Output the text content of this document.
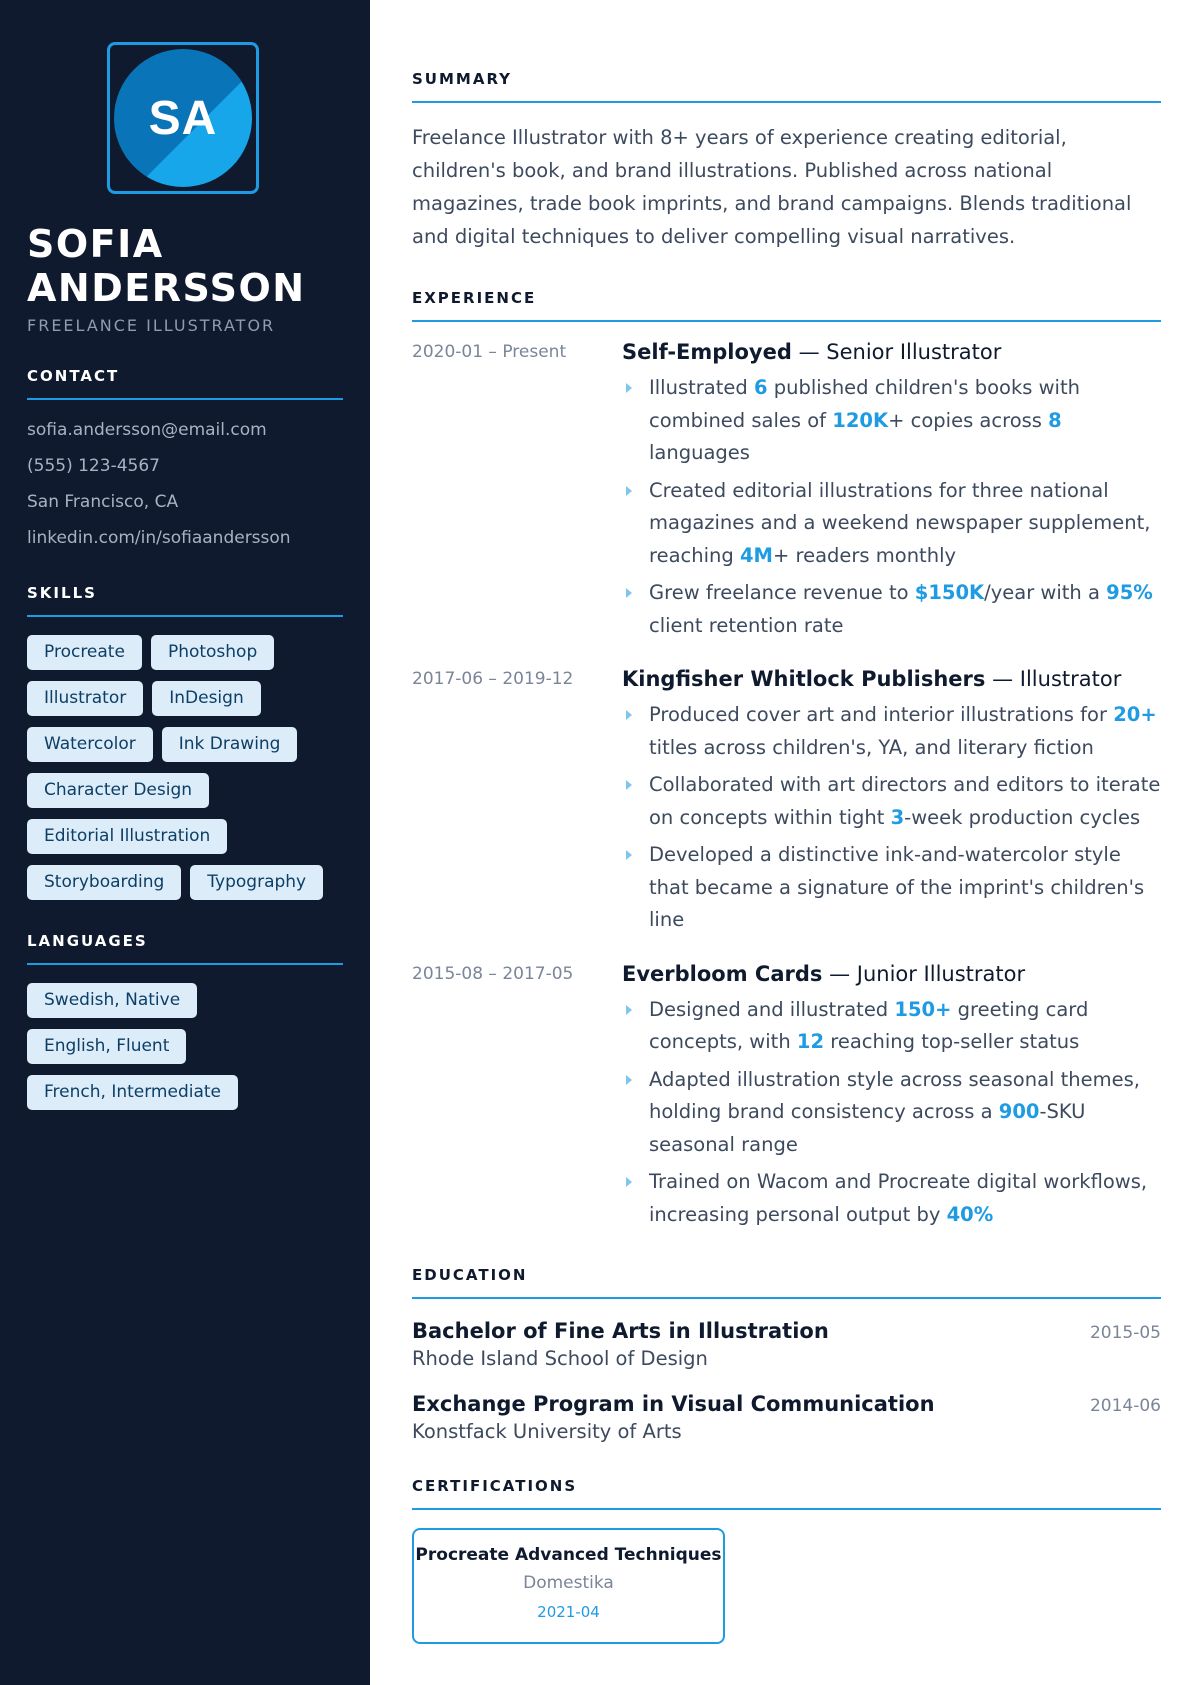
SA
SOFIA
ANDERSSON
FREELANCE ILLUSTRATOR
CONTACT
sofia.andersson@email.com
(555) 123-4567
San Francisco, CA
linkedin.com/in/sofiaandersson
SKILLS
Procreate	Photoshop
Illustrator	InDesign
Watercolor	Ink Drawing
Character Design
Editorial Illustration
Storyboarding	Typography
LANGUAGES
Swedish, Native
English, Fluent
French, Intermediate
SUMMARY
Freelance Illustrator with 8+ years of experience creating editorial, children's book, and brand illustrations. Published across national magazines, trade book imprints, and brand campaigns. Blends traditional and digital techniques to deliver compelling visual narratives.
EXPERIENCE
2020-01 – Present	Self-Employed — Senior Illustrator
Illustrated 6 published children's books with combined sales of 120K+ copies across 8 languages
Created editorial illustrations for three national magazines and a weekend newspaper supplement, reaching 4M+ readers monthly
Grew freelance revenue to $150K/year with a 95% client retention rate
2017-06 – 2019-12	Kingfisher Whitlock Publishers — Illustrator
Produced cover art and interior illustrations for 20+ titles across children's, YA, and literary fiction
Collaborated with art directors and editors to iterate on concepts within tight 3-week production cycles
Developed a distinctive ink-and-watercolor style that became a signature of the imprint's children's line
2015-08 – 2017-05	Everbloom Cards — Junior Illustrator
Designed and illustrated 150+ greeting card concepts, with 12 reaching top-seller status
Adapted illustration style across seasonal themes, holding brand consistency across a 900-SKU seasonal range
Trained on Wacom and Procreate digital workflows, increasing personal output by 40%
EDUCATION
Bachelor of Fine Arts in Illustration	2015-05
Rhode Island School of Design
Exchange Program in Visual Communication	2014-06
Konstfack University of Arts
CERTIFICATIONS
Procreate Advanced Techniques
Domestika
2021-04
